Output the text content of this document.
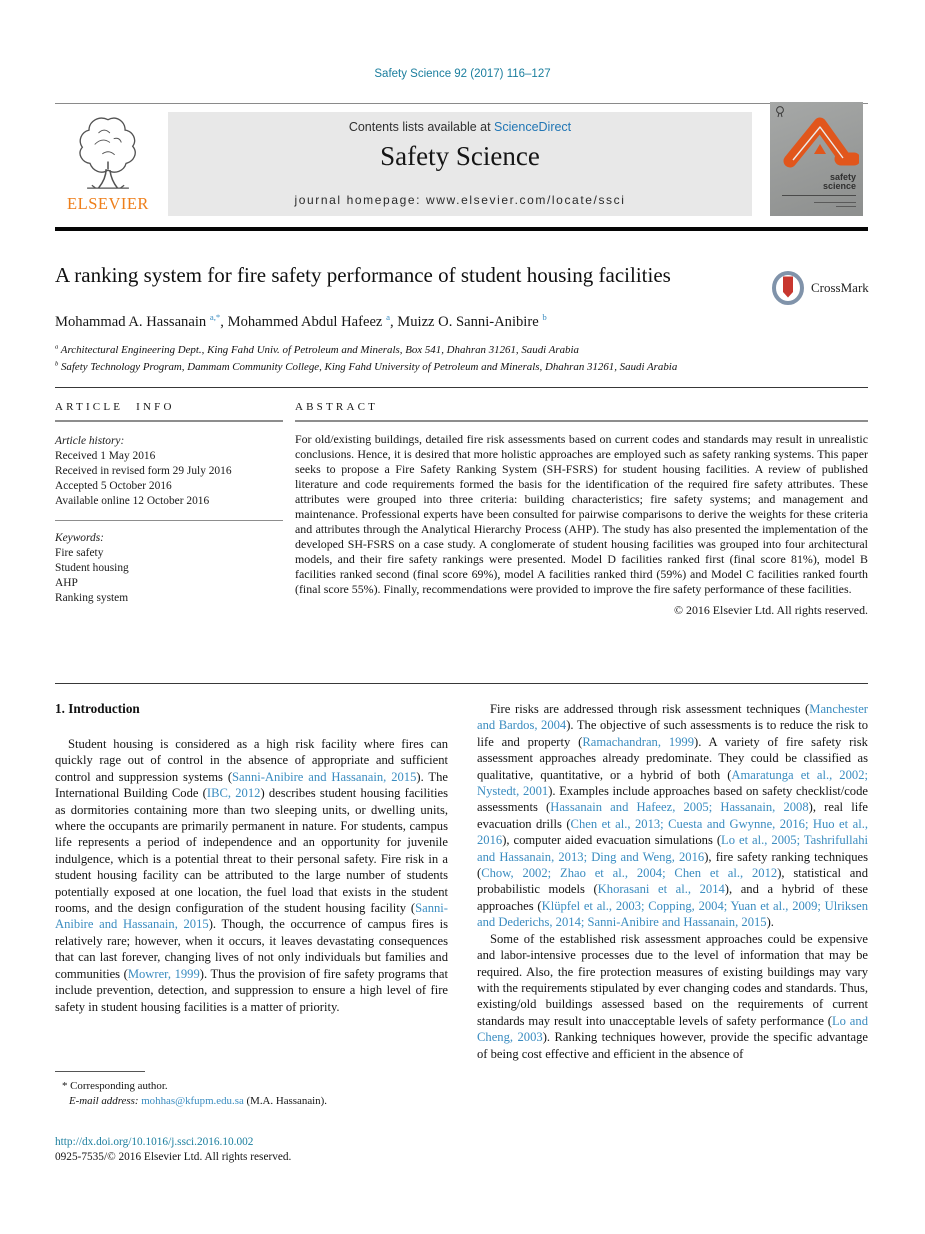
Safety Science 92 (2017) 116–127
ELSEVIER
Contents lists available at ScienceDirect
Safety Science
journal homepage: www.elsevier.com/locate/ssci
safety science
A ranking system for fire safety performance of student housing facilities
CrossMark
Mohammad A. Hassanain $^{a,*}$, Mohammed Abdul Hafeez $^a$, Muizz O. Sanni-Anibire $^b$
$^a$ Architectural Engineering Dept., King Fahd Univ. of Petroleum and Minerals, Box 541, Dhahran 31261, Saudi Arabia
$^b$ Safety Technology Program, Dammam Community College, King Fahd University of Petroleum and Minerals, Dhahran 31261, Saudi Arabia
ARTICLE INFO
Article history:
Received 1 May 2016
Received in revised form 29 July 2016
Accepted 5 October 2016
Available online 12 October 2016
Keywords:
Fire safety
Student housing
AHP
Ranking system
ABSTRACT

For old/existing buildings, detailed fire risk assessments based on current codes and standards may result in unrealistic conclusions. Hence, it is desired that more holistic approaches are employed such as safety ranking systems. This paper seeks to propose a Fire Safety Ranking System (SH-FSRS) for student housing facilities. A review of published literature and code requirements formed the basis for the identification of the required fire safety attributes. These attributes were grouped into three criteria: building characteristics; fire safety systems; and management and maintenance. Professional experts have been consulted for pairwise comparisons to derive the weights for these criteria and attributes through the Analytical Hierarchy Process (AHP). The study has also presented the implementation of the developed SH-FSRS on a case study. A conglomerate of student housing facilities was grouped into four architectural models, and their fire safety rankings were presented. Model D facilities ranked first (final score 81%), model B facilities ranked second (final score 69%), model A facilities ranked third (59%) and Model C facilities ranked fourth (final score 55%). Finally, recommendations were provided to improve the fire safety performance of these facilities.

© 2016 Elsevier Ltd. All rights reserved.
1. Introduction

Student housing is considered as a high risk facility where fires can quickly rage out of control in the absence of appropriate and sufficient control and suppression systems (Sanni-Anibire and Hassanain, 2015). The International Building Code (IBC, 2012) describes student housing facilities as dormitories containing more than two sleeping units, or dwelling units, where the occupants are primarily permanent in nature. For students, campus life represents a period of independence and an opportunity for juvenile indulgence, which is a potential threat to their personal safety. Fire risk in a student housing facility can be attributed to the large number of students potentially exposed at one location, the fuel load that exists in the student rooms, and the design configuration of the student housing facility (Sanni-Anibire and Hassanain, 2015). Though, the occurrence of campus fires is relatively rare; however, when it occurs, it leaves devastating consequences that can last forever, changing lives of not only individuals but families and communities (Mowrer, 1999). Thus the provision of fire safety programs that include prevention, detection, and suppression to ensure a high level of fire safety in student housing facilities is a matter of priority.

Fire risks are addressed through risk assessment techniques (Manchester and Bardos, 2004). The objective of such assessments is to reduce the risk to life and property (Ramachandran, 1999). A variety of fire safety risk assessment approaches already predominate. They could be classified as qualitative, quantitative, or a hybrid of both (Amaratunga et al., 2002; Nystedt, 2001). Examples include approaches based on safety checklist/code assessments (Hassanain and Hafeez, 2005; Hassanain, 2008), real life evacuation drills (Chen et al., 2013; Cuesta and Gwynne, 2016; Huo et al., 2016), computer aided evacuation simulations (Lo et al., 2005; Tashrifullahi and Hassanain, 2013; Ding and Weng, 2016), fire safety ranking techniques (Chow, 2002; Zhao et al., 2004; Chen et al., 2012), statistical and probabilistic models (Khorasani et al., 2014), and a hybrid of these approaches (Klüpfel et al., 2003; Copping, 2004; Yuan et al., 2009; Ulriksen and Dederichs, 2014; Sanni-Anibire and Hassanain, 2015).

Some of the established risk assessment approaches could be expensive and labor-intensive processes due to the level of information that may be required. Also, the fire protection measures of existing buildings may vary with the requirements stipulated by ever changing codes and standards. Thus, existing/old buildings assessed based on the requirements of current standards may result into unacceptable levels of safety performance (Lo and Cheng, 2003). Ranking techniques however, provide the specific advantage of being cost effective and efficient in the absence of

* Corresponding author.
E-mail address: mohhas@kfupm.edu.sa (M.A. Hassanain).
http://dx.doi.org/10.1016/j.ssci.2016.10.002
0925-7535/© 2016 Elsevier Ltd. All rights reserved.
